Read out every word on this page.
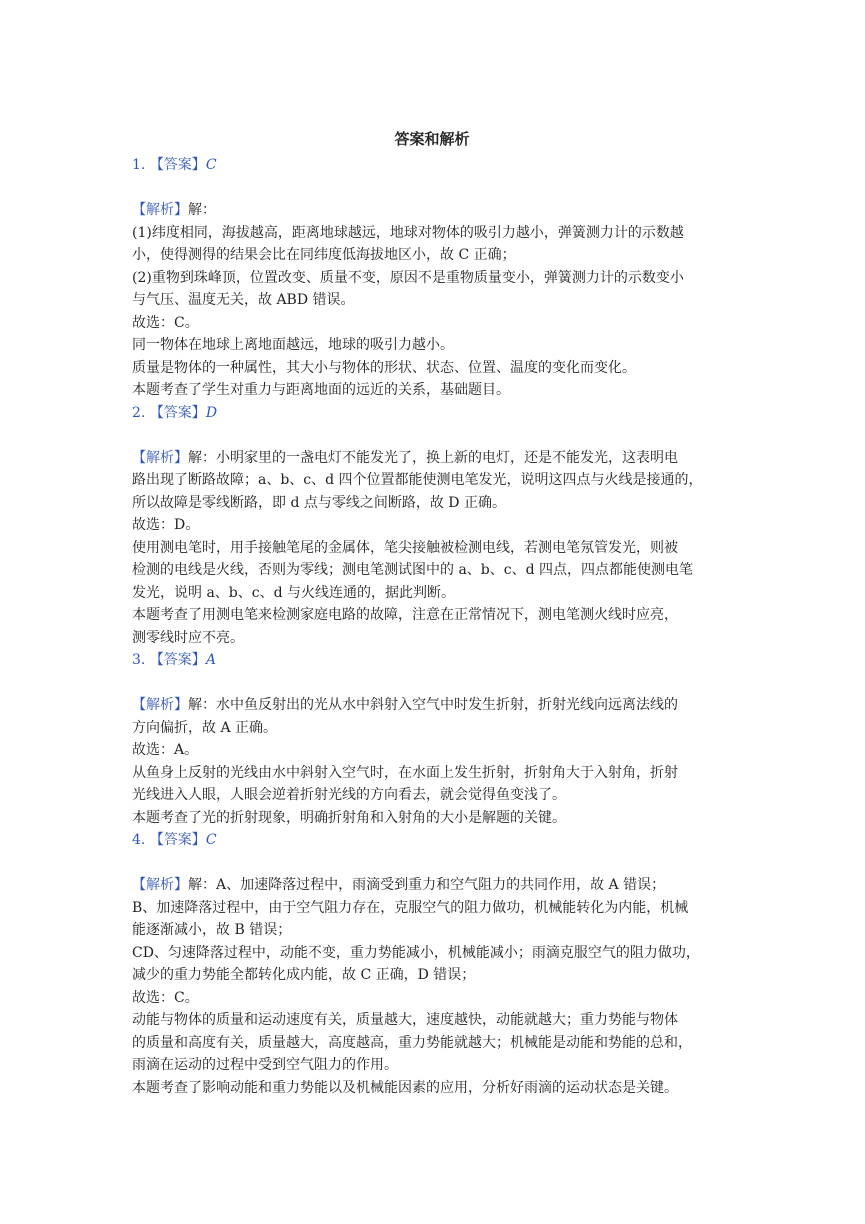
答案和解析
1. 【答案】C
【解析】解：
(1)纬度相同，海拔越高，距离地球越远，地球对物体的吸引力越小，弹簧测力计的示数越
小，使得测得的结果会比在同纬度低海拔地区小，故 C 正确；
(2)重物到珠峰顶，位置改变、质量不变，原因不是重物质量变小，弹簧测力计的示数变小
与气压、温度无关，故 ABD 错误。
故选：C。
同一物体在地球上离地面越远，地球的吸引力越小。
质量是物体的一种属性，其大小与物体的形状、状态、位置、温度的变化而变化。
本题考查了学生对重力与距离地面的远近的关系，基础题目。
2. 【答案】D
【解析】解：小明家里的一盏电灯不能发光了，换上新的电灯，还是不能发光，这表明电
路出现了断路故障；a、b、c、d 四个位置都能使测电笔发光，说明这四点与火线是接通的，
所以故障是零线断路，即 d 点与零线之间断路，故 D 正确。
故选：D。
使用测电笔时，用手接触笔尾的金属体，笔尖接触被检测电线，若测电笔氖管发光，则被
检测的电线是火线，否则为零线；测电笔测试图中的 a、b、c、d 四点，四点都能使测电笔
发光，说明 a、b、c、d 与火线连通的，据此判断。
本题考查了用测电笔来检测家庭电路的故障，注意在正常情况下，测电笔测火线时应亮，
测零线时应不亮。
3. 【答案】A
【解析】解：水中鱼反射出的光从水中斜射入空气中时发生折射，折射光线向远离法线的
方向偏折，故 A 正确。
故选：A。
从鱼身上反射的光线由水中斜射入空气时，在水面上发生折射，折射角大于入射角，折射
光线进入人眼，人眼会逆着折射光线的方向看去，就会觉得鱼变浅了。
本题考查了光的折射现象，明确折射角和入射角的大小是解题的关键。
4. 【答案】C
【解析】解：A、加速降落过程中，雨滴受到重力和空气阻力的共同作用，故 A 错误；
B、加速降落过程中，由于空气阻力存在，克服空气的阻力做功，机械能转化为内能，机械
能逐渐减小，故 B 错误；
CD、匀速降落过程中，动能不变，重力势能减小，机械能减小；雨滴克服空气的阻力做功，
减少的重力势能全都转化成内能，故 C 正确，D 错误；
故选：C。
动能与物体的质量和运动速度有关，质量越大，速度越快，动能就越大；重力势能与物体
的质量和高度有关，质量越大，高度越高，重力势能就越大；机械能是动能和势能的总和，
雨滴在运动的过程中受到空气阻力的作用。
本题考查了影响动能和重力势能以及机械能因素的应用，分析好雨滴的运动状态是关键。
